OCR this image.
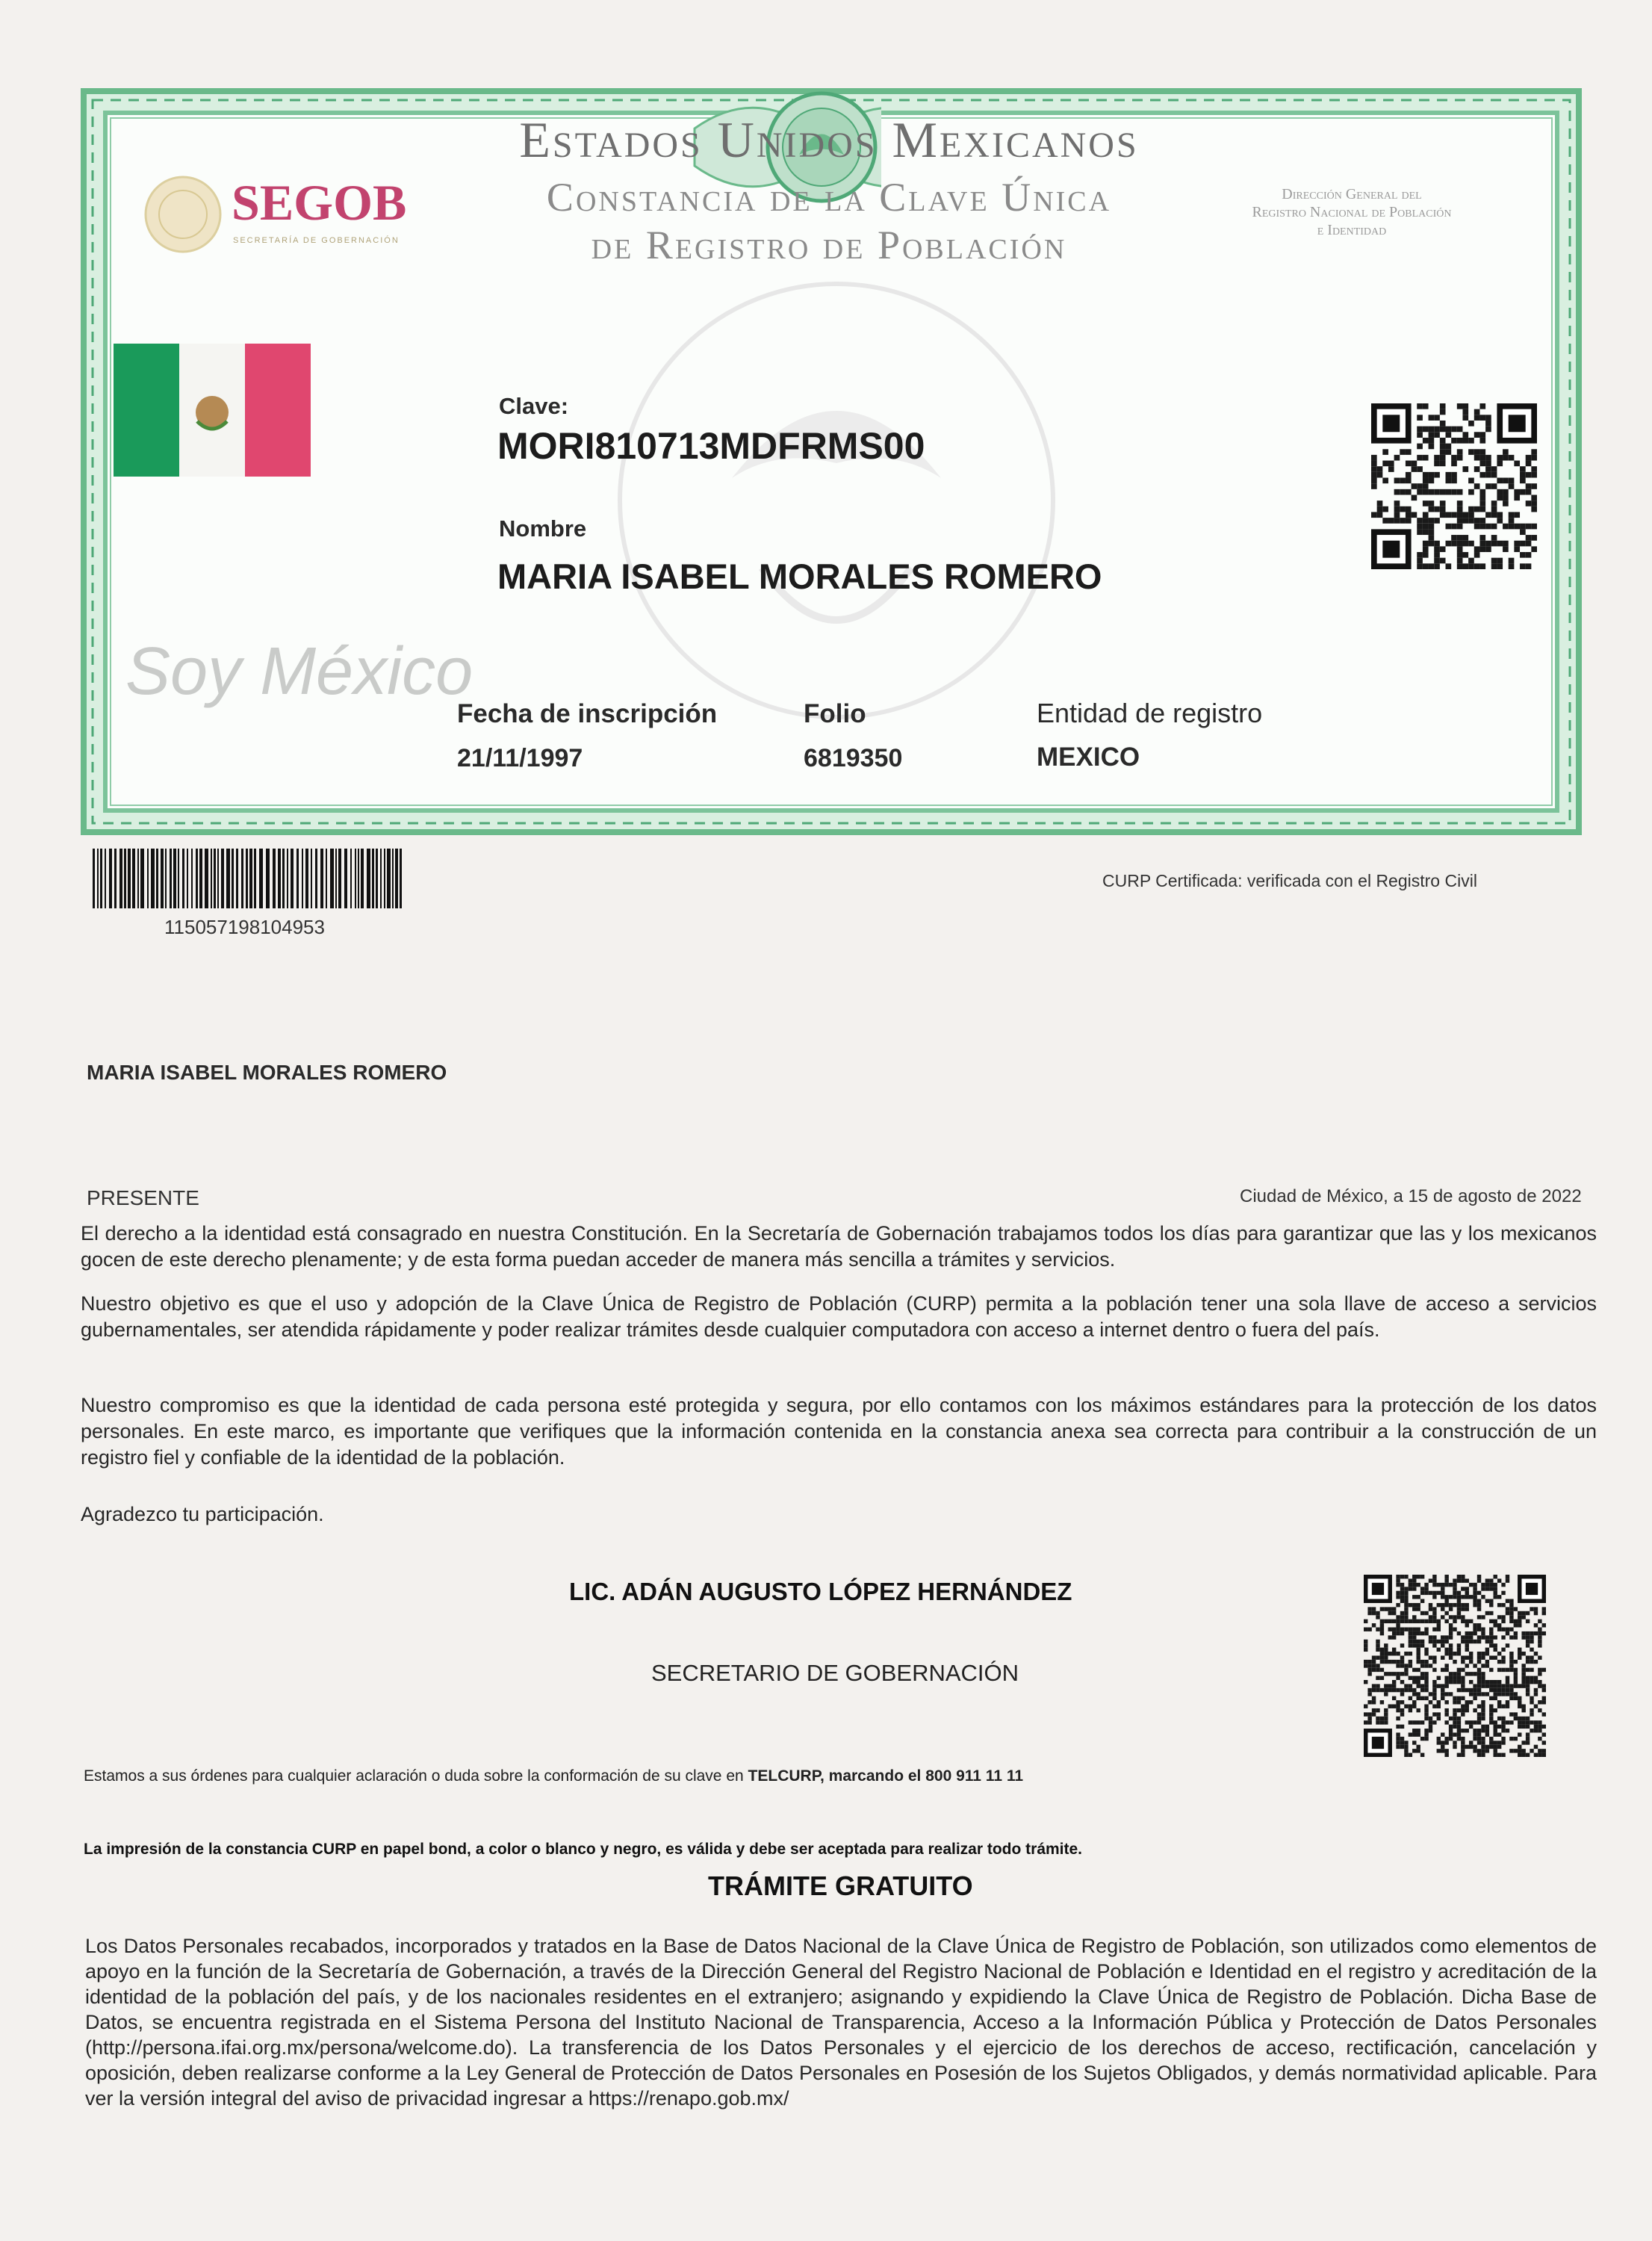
Estados Unidos Mexicanos
Constancia de la Clave Única
de Registro de Población
SEGOB
SECRETARÍA DE GOBERNACIÓN
Dirección General del
Registro Nacional de Población
e Identidad
Clave:
MORI810713MDFRMS00
Nombre
MARIA ISABEL MORALES ROMERO
Soy México
Fecha de inscripción
21/11/1997
Folio
6819350
Entidad de registro
MEXICO
115057198104953
CURP Certificada: verificada con el Registro Civil
MARIA ISABEL MORALES ROMERO
PRESENTE	Ciudad de México, a 15 de agosto de 2022
El derecho a la identidad está consagrado en nuestra Constitución. En la Secretaría de Gobernación trabajamos todos los días para garantizar que las y los mexicanos gocen de este derecho plenamente; y de esta forma puedan acceder de manera más sencilla a trámites y servicios.
Nuestro objetivo es que el uso y adopción de la Clave Única de Registro de Población (CURP) permita a la población tener una sola llave de acceso a servicios gubernamentales, ser atendida rápidamente y poder realizar trámites desde cualquier computadora con acceso a internet dentro o fuera del país.
Nuestro compromiso es que la identidad de cada persona esté protegida y segura, por ello contamos con los máximos estándares para la protección de los datos personales. En este marco, es importante que verifiques que la información contenida en la constancia anexa sea correcta para contribuir a la construcción de un registro fiel y confiable de la identidad de la población.
Agradezco tu participación.
LIC. ADÁN AUGUSTO LÓPEZ HERNÁNDEZ
SECRETARIO DE GOBERNACIÓN
Estamos a sus órdenes para cualquier aclaración o duda sobre la conformación de su clave en TELCURP, marcando el 800 911 11 11
La impresión de la constancia CURP en papel bond, a color o blanco y negro, es válida y debe ser aceptada para realizar todo trámite.
TRÁMITE GRATUITO
Los Datos Personales recabados, incorporados y tratados en la Base de Datos Nacional de la Clave Única de Registro de Población, son utilizados como elementos de apoyo en la función de la Secretaría de Gobernación, a través de la Dirección General del Registro Nacional de Población e Identidad en el registro y acreditación de la identidad de la población del país, y de los nacionales residentes en el extranjero; asignando y expidiendo la Clave Única de Registro de Población. Dicha Base de Datos, se encuentra registrada en el Sistema Persona del Instituto Nacional de Transparencia, Acceso a la Información Pública y Protección de Datos Personales (http://persona.ifai.org.mx/persona/welcome.do). La transferencia de los Datos Personales y el ejercicio de los derechos de acceso, rectificación, cancelación y oposición, deben realizarse conforme a la Ley General de Protección de Datos Personales en Posesión de los Sujetos Obligados, y demás normatividad aplicable. Para ver la versión integral del aviso de privacidad ingresar a https://renapo.gob.mx/
